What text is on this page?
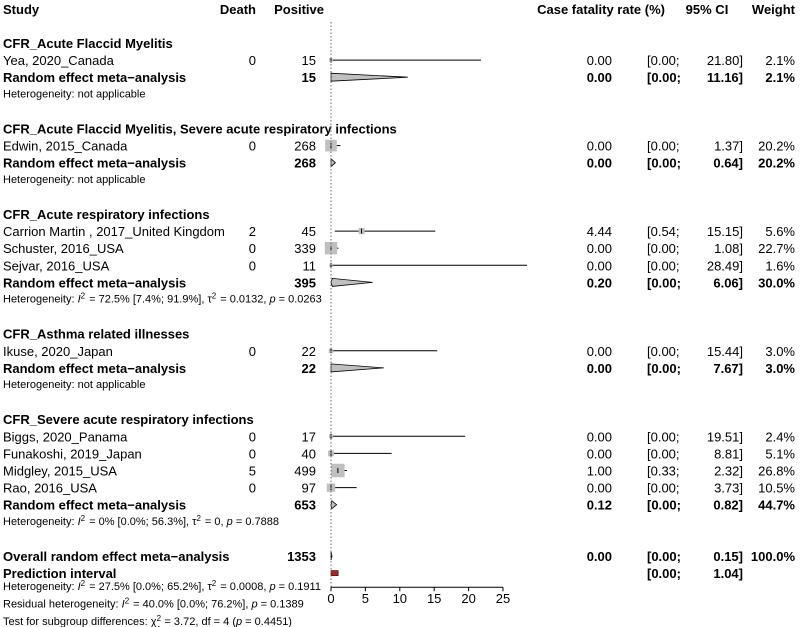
Study	Death Positive	Case fatality rate (%) 95% CI Weight
CFR_Acute Flaccid Myelitis
Yea, 2020_Canada	0	15	0.00	[0.00; 21.80] 2.1%
Random effect meta−analysis	15	0.00	[0.00; 11.16] 2.1%
Heterogeneity: not applicable
CFR_Acute Flaccid Myelitis, Severe acute respiratory infections
Edwin, 2015_Canada	0	268	0.00	[0.00;	1.37] 20.2%
Random effect meta−analysis	268	0.00	[0.00; 0.64] 20.2%
Heterogeneity: not applicable
CFR_Acute respiratory infections
Carrion Martin , 2017_United Kingdom 2	45	4.44	[0.54; 15.15] 5.6%
Schuster, 2016_USA	0	339	0.00	[0.00;	1.08] 22.7%
Sejvar, 2016_USA	0	11	0.00	[0.00; 28.49] 1.6%
Random effect meta−analysis	395	0.20	[0.00; 6.06] 30.0%
Heterogeneity: $I^2$  = 72.5% [7.4%; 91.9%], $\tau^2$  = 0.0132, p = 0.0263
CFR_Asthma related illnesses
Ikuse, 2020_Japan	0	22	0.00	[0.00; 15.44] 3.0%
Random effect meta−analysis	22	0.00	[0.00; 7.67] 3.0%
Heterogeneity: not applicable
CFR_Severe acute respiratory infections
Biggs, 2020_Panama	0	17	0.00	[0.00; 19.51] 2.4%
Funakoshi, 2019_Japan	0	40	0.00	[0.00;	8.81] 5.1%
Midgley, 2015_USA	5	499	1.00	[0.33;	2.32] 26.8%
Rao, 2016_USA	0	97	0.00	[0.00;	3.73] 10.5%
Random effect meta−analysis	653	0.12	[0.00; 0.82] 44.7%
Heterogeneity: $I^2$  = 0% [0.0%; 56.3%], $\tau^2$  = 0, p = 0.7888
Overall random effect meta−analysis	1353	0.00	[0.00; 0.15] 100.0%
Prediction interval	[0.00; 1.04]
Heterogeneity: $I^2$  = 27.5% [0.0%; 65.2%], $\tau^2$  = 0.0008, p = 0.1911
Residual heterogeneity: $I^2$  = 40.0% [0.0%; 76.2%], p = 0.1389
Test for subgroup differences: $\chi^2$  = 3.72, df = 4 (p = 0.4451)
0 5 10 15 20 25
